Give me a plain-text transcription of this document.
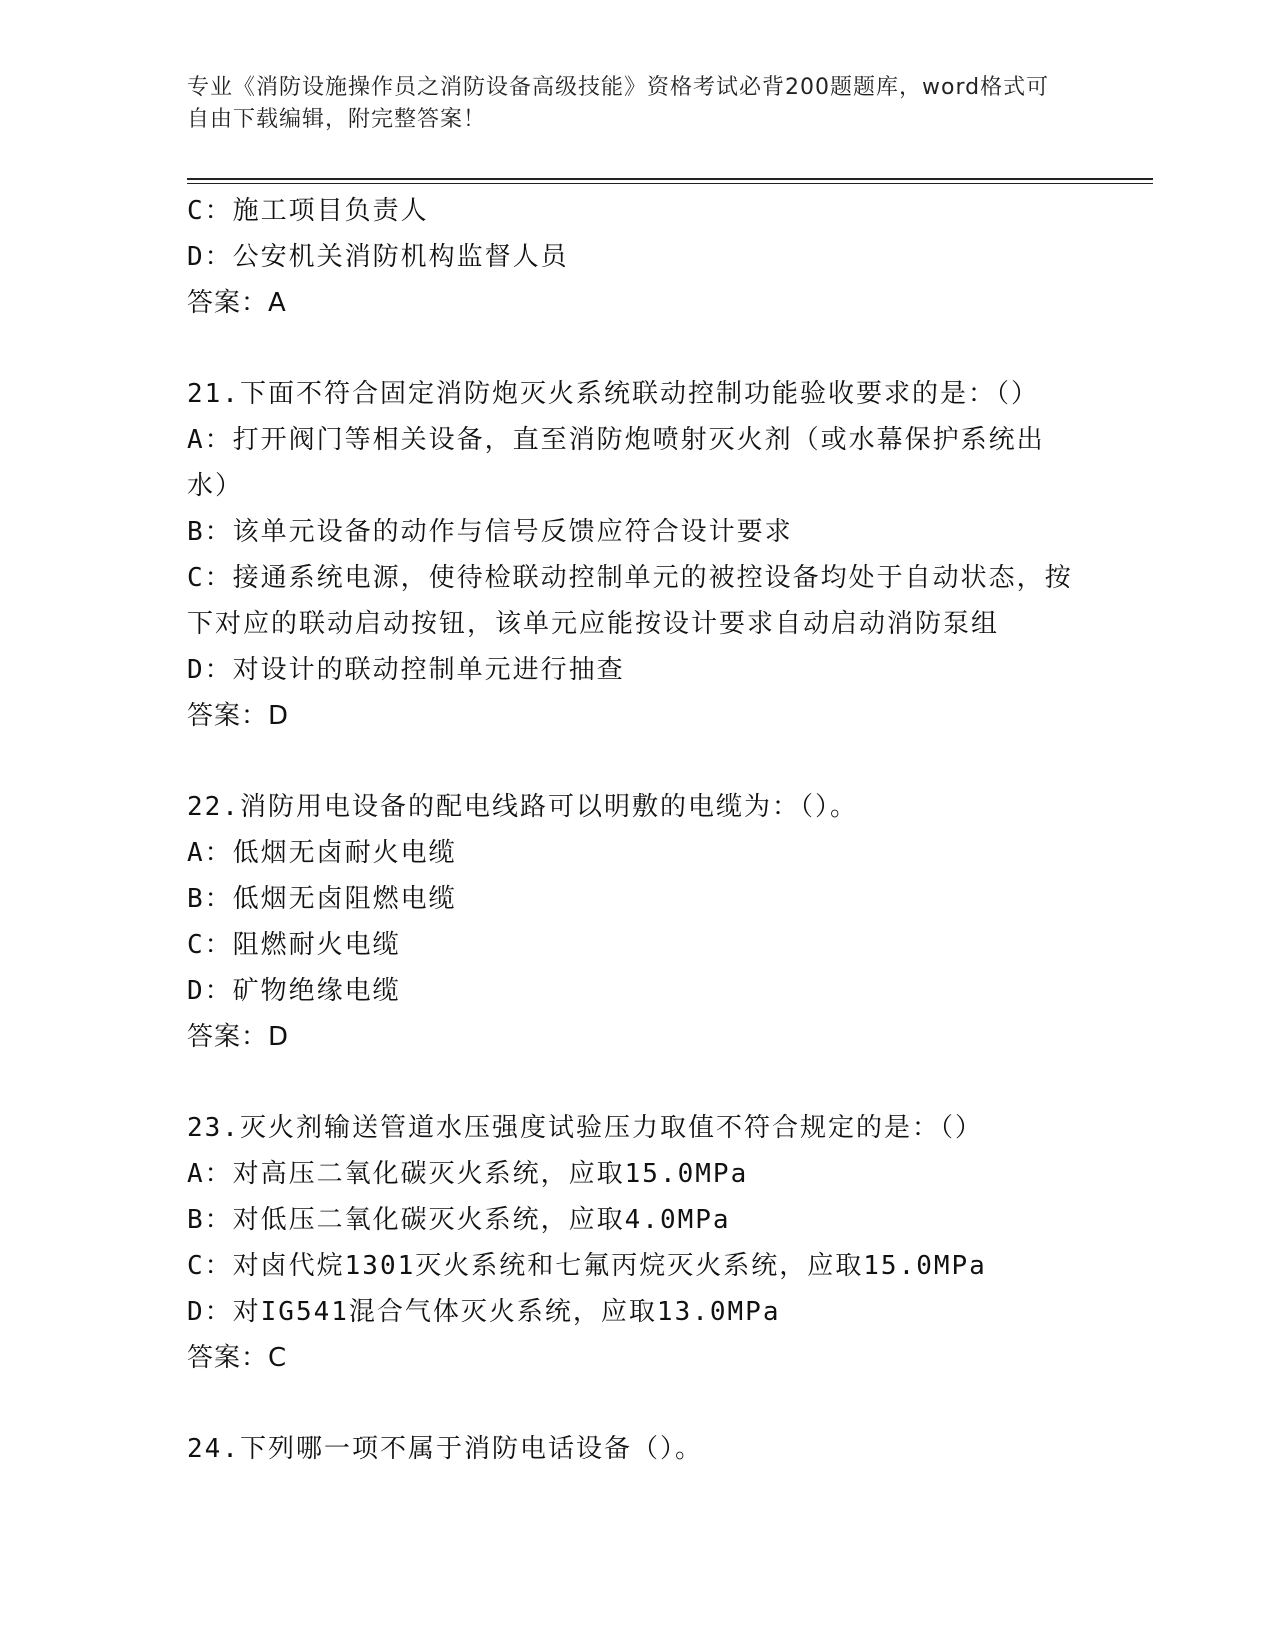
专业《消防设施操作员之消防设备高级技能》资格考试必背200题题库，word格式可自由下载编辑，附完整答案！
C：施工项目负责人
D：公安机关消防机构监督人员
答案：A
21.下面不符合固定消防炮灭火系统联动控制功能验收要求的是：（）
A：打开阀门等相关设备，直至消防炮喷射灭火剂（或水幕保护系统出水）
B：该单元设备的动作与信号反馈应符合设计要求
C：接通系统电源，使待检联动控制单元的被控设备均处于自动状态，按下对应的联动启动按钮，该单元应能按设计要求自动启动消防泵组
D：对设计的联动控制单元进行抽查
答案：D
22.消防用电设备的配电线路可以明敷的电缆为：（）。
A：低烟无卤耐火电缆
B：低烟无卤阻燃电缆
C：阻燃耐火电缆
D：矿物绝缘电缆
答案：D
23.灭火剂输送管道水压强度试验压力取值不符合规定的是：（）
A：对高压二氧化碳灭火系统，应取15.0MPa
B：对低压二氧化碳灭火系统，应取4.0MPa
C：对卤代烷1301灭火系统和七氟丙烷灭火系统，应取15.0MPa
D：对IG541混合气体灭火系统，应取13.0MPa
答案：C
24.下列哪一项不属于消防电话设备（）。
